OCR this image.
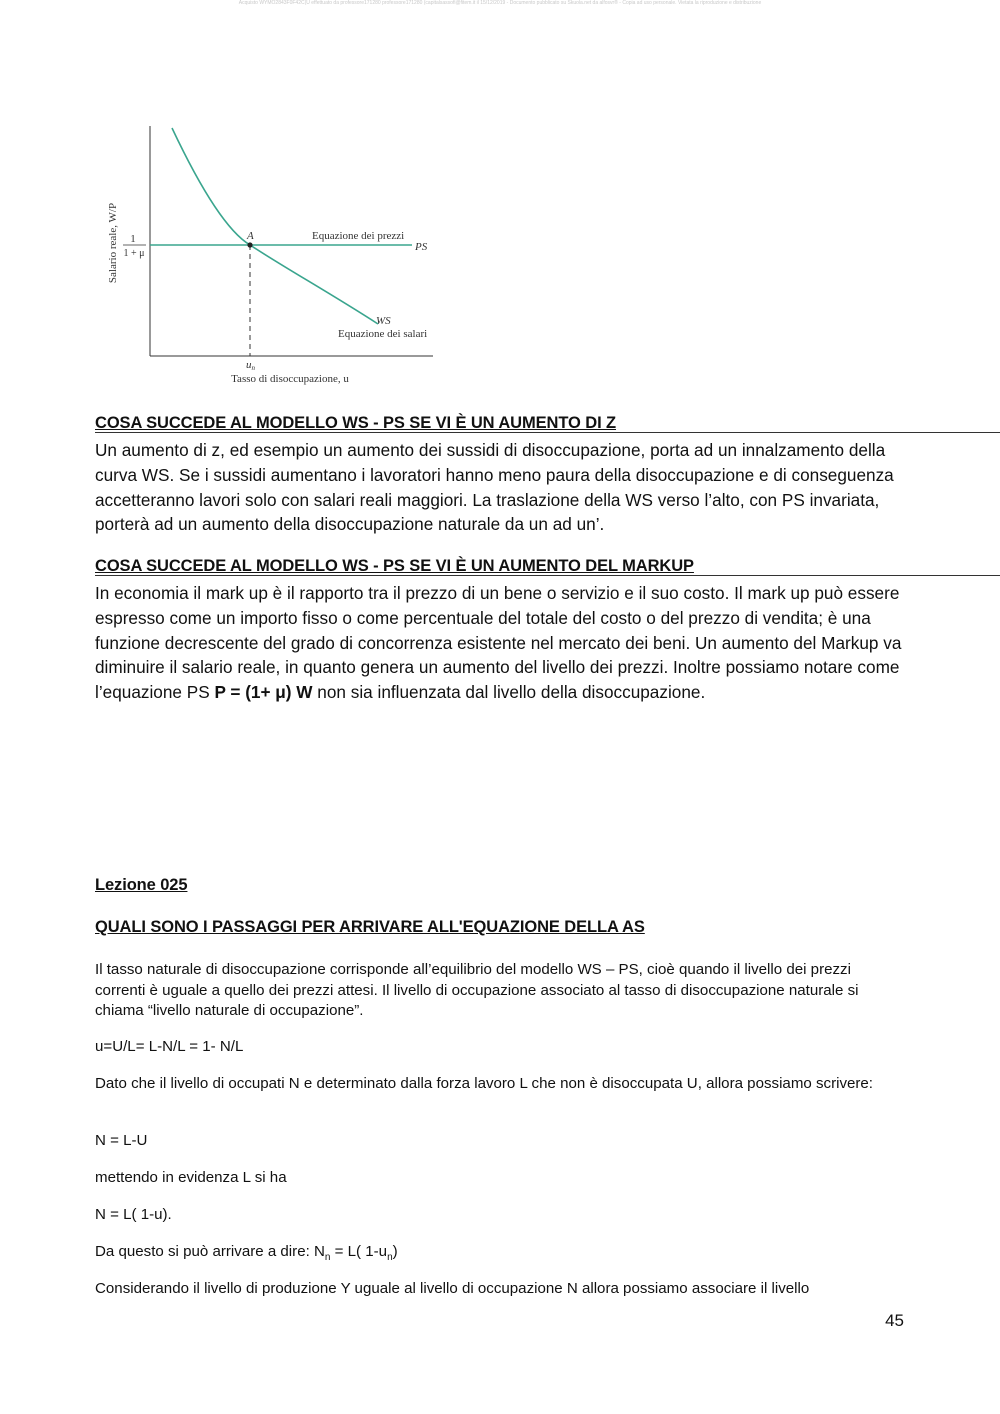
Acquisto WYMO2843F0F42C(U effettuato da professore171280 professore171280 (capitalsassofi@fitem.it il 15/12/2019 - Documento pubblicato su Skuola.net da alfosvr® - Copia ad uso personale. Vietata la riproduzione e distribuzione
A	Equazione dei prezzi
PS
WS
Equazione dei salari
1
1 + μ
Salario reale, W/P
un
Tasso di disoccupazione, u
COSA SUCCEDE AL MODELLO WS - PS SE VI È UN AUMENTO DI Z

Un aumento di z, ed esempio un aumento dei sussidi di disoccupazione, porta ad un innalzamento della curva WS. Se i sussidi aumentano i lavoratori hanno meno paura della disoccupazione e di conseguenza accetteranno lavori solo con salari reali maggiori. La traslazione della WS verso l’alto, con PS invariata, porterà ad un aumento della disoccupazione naturale da un ad un’.

COSA SUCCEDE AL MODELLO WS - PS SE VI È UN AUMENTO DEL MARKUP

In economia il mark up è il rapporto tra il prezzo di un bene o servizio e il suo costo. Il mark up può essere espresso come un importo fisso o come percentuale del totale del costo o del prezzo di vendita; è una funzione decrescente del grado di concorrenza esistente nel mercato dei beni. Un aumento del Markup va diminuire il salario reale, in quanto genera un aumento del livello dei prezzi. Inoltre possiamo notare come l’equazione PS P = (1+ μ) W non sia influenzata dal livello della disoccupazione.

Lezione 025
QUALI SONO I PASSAGGI PER ARRIVARE ALL'EQUAZIONE DELLA AS

Il tasso naturale di disoccupazione corrisponde all’equilibrio del modello WS – PS, cioè quando il livello dei prezzi correnti è uguale a quello dei prezzi attesi. Il livello di occupazione associato al tasso di disoccupazione naturale si chiama “livello naturale di occupazione”.

u=U/L= L-N/L = 1- N/L

Dato che il livello di occupati N e determinato dalla forza lavoro L che non è disoccupata U, allora possiamo scrivere:

N = L-U

mettendo in evidenza L si ha

N = L( 1-u).

Da questo si può arrivare a dire: $N_n = L$( $1-u_n$)

Considerando il livello di produzione Y uguale al livello di occupazione N allora possiamo associare il livello

45
